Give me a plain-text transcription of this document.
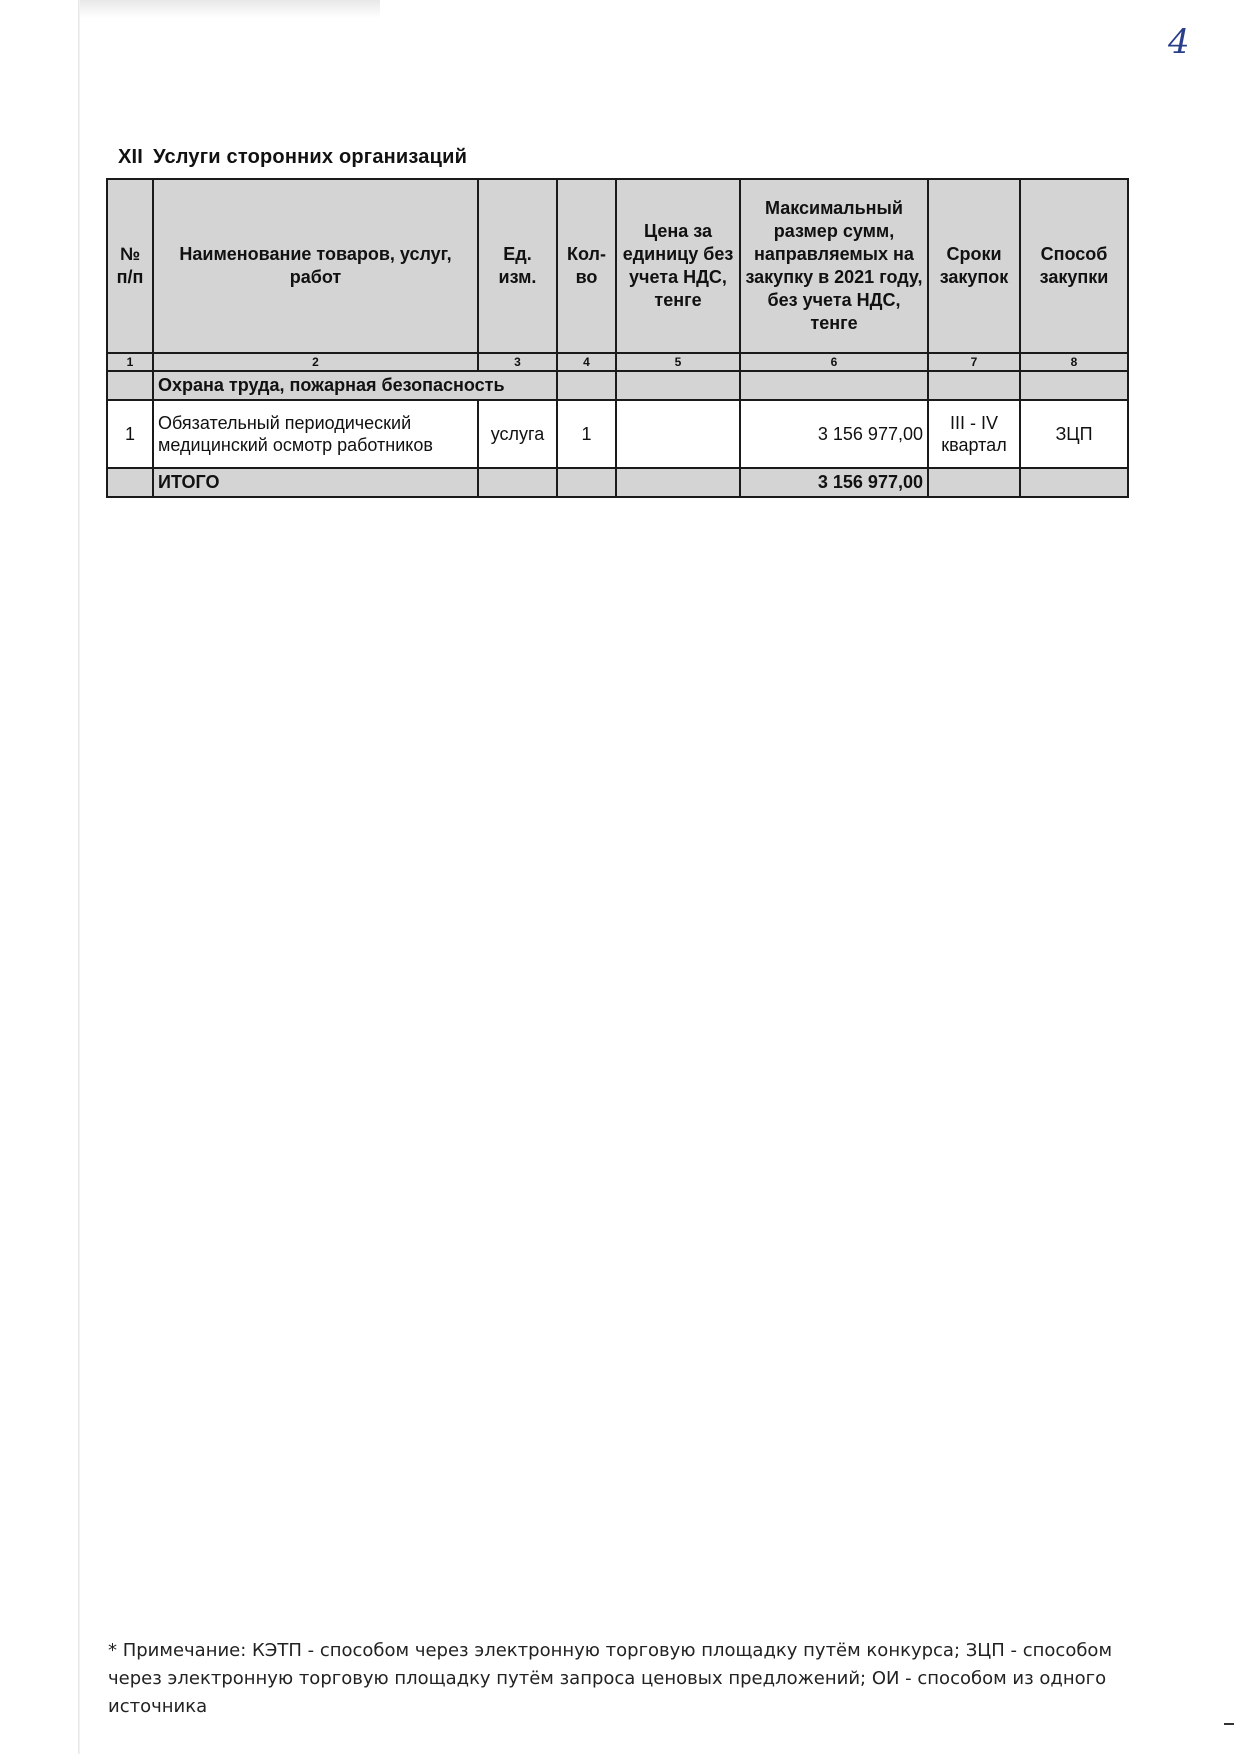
4
XII Услуги сторонних организаций
№ п/п	Наименование товаров, услуг, работ	Ед. изм.	Кол-во	Цена за единицу без учета НДС, тенге	Максимальный размер сумм, направляемых на закупку в 2021 году, без учета НДС, тенге	Сроки закупок	Способ закупки
1	2	3	4	5	6	7	8
	Охрана труда, пожарная безопасность						
1	Обязательный периодический медицинский осмотр работников	услуга	1		3 156 977,00	III - IV квартал	ЗЦП
	ИТОГО				3 156 977,00		
* Примечание: КЭТП - способом через электронную торговую площадку путём конкурса; ЗЦП - способом через электронную торговую площадку путём запроса ценовых предложений; ОИ - способом из одного источника
